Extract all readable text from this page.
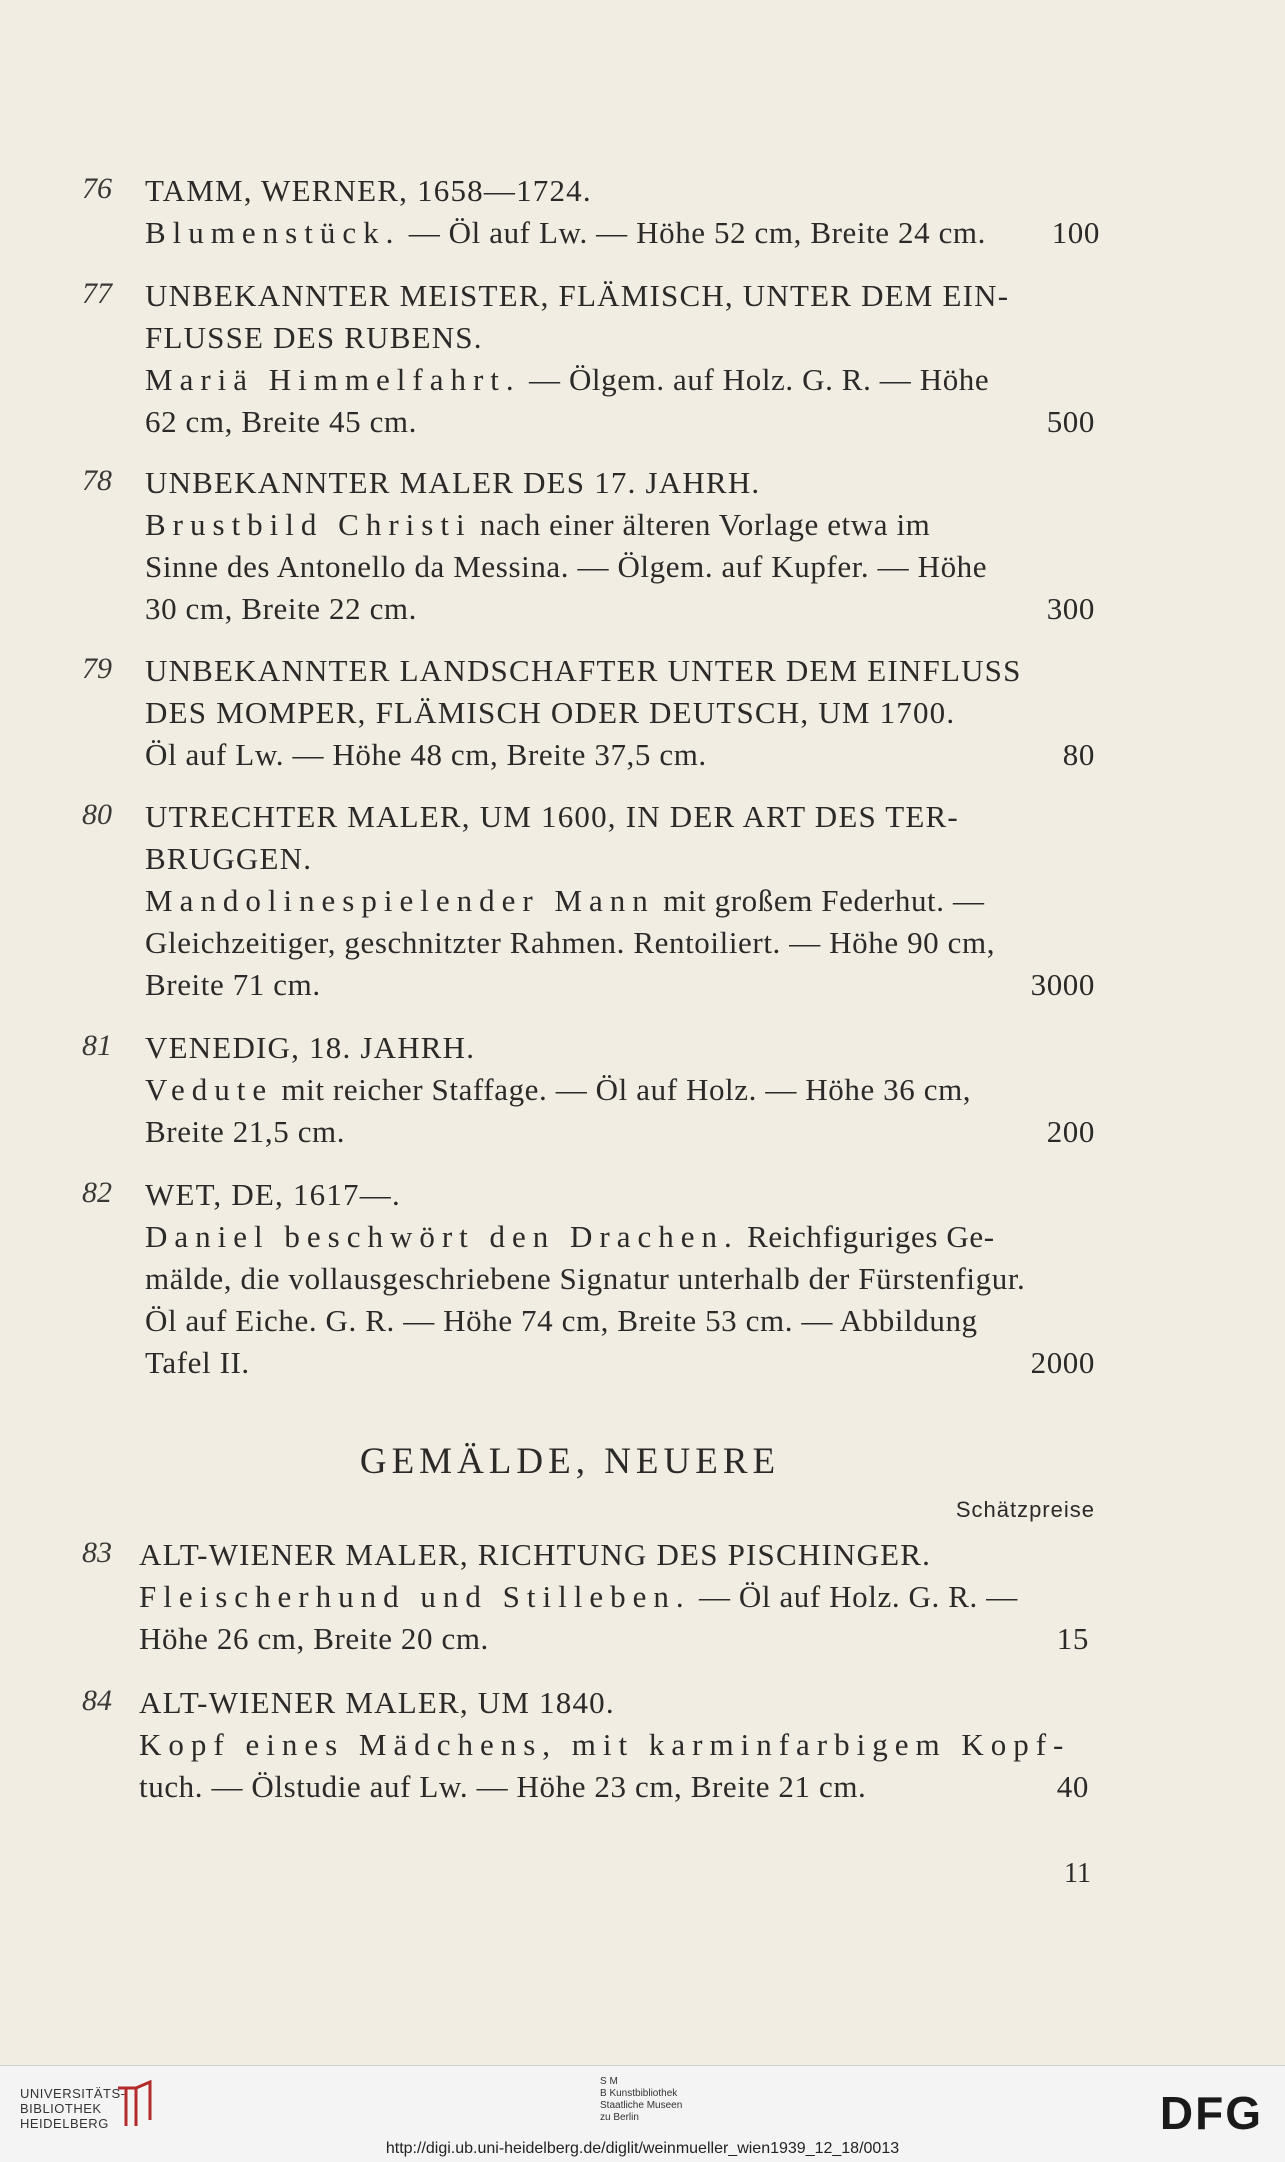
76 TAMM, WERNER, 1658—1724.
Blumenstück. — Öl auf Lw. — Höhe 52 cm, Breite 24 cm. 100
77 UNBEKANNTER MEISTER, FLÄMISCH, UNTER DEM EIN-
FLUSSE DES RUBENS.
Mariä Himmelfahrt. — Ölgem. auf Holz. G. R. — Höhe
62 cm, Breite 45 cm.	500
78 UNBEKANNTER MALER DES 17. JAHRH.
Brustbild Christi nach einer älteren Vorlage etwa im
Sinne des Antonello da Messina. — Ölgem. auf Kupfer. — Höhe
30 cm, Breite 22 cm.	300
79 UNBEKANNTER LANDSCHAFTER UNTER DEM EINFLUSS
DES MOMPER, FLÄMISCH ODER DEUTSCH, UM 1700.
Öl auf Lw. — Höhe 48 cm, Breite 37,5 cm.	80
80 UTRECHTER MALER, UM 1600, IN DER ART DES TER-
BRUGGEN.
Mandolinespielender Mann mit großem Federhut. —
Gleichzeitiger, geschnitzter Rahmen. Rentoiliert. — Höhe 90 cm,
Breite 71 cm.	3000
81 VENEDIG, 18. JAHRH.
Vedute mit reicher Staffage. — Öl auf Holz. — Höhe 36 cm,
Breite 21,5 cm.	200
82 WET, DE, 1617—.
Daniel beschwört den Drachen. Reichfiguriges Ge-
mälde, die vollausgeschriebene Signatur unterhalb der Fürstenfigur.
Öl auf Eiche. G. R. — Höhe 74 cm, Breite 53 cm. — Abbildung
Tafel II.	2000
GEMÄLDE, NEUERE
Schätzpreise
83 ALT-WIENER MALER, RICHTUNG DES PISCHINGER.
Fleischerhund und Stilleben. — Öl auf Holz. G. R. —
Höhe 26 cm, Breite 20 cm.	15
84 ALT-WIENER MALER, UM 1840.
Kopf eines Mädchens, mit karminfarbigem Kopf-
tuch. — Ölstudie auf Lw. — Höhe 23 cm, Breite 21 cm.	40
11
UNIVERSITÄTS-
BIBLIOTHEK
HEIDELBERG
S M
B Kunstbibliothek
Staatliche Museen
zu Berlin	DFG
http://digi.ub.uni-heidelberg.de/diglit/weinmueller_wien1939_12_18/0013
